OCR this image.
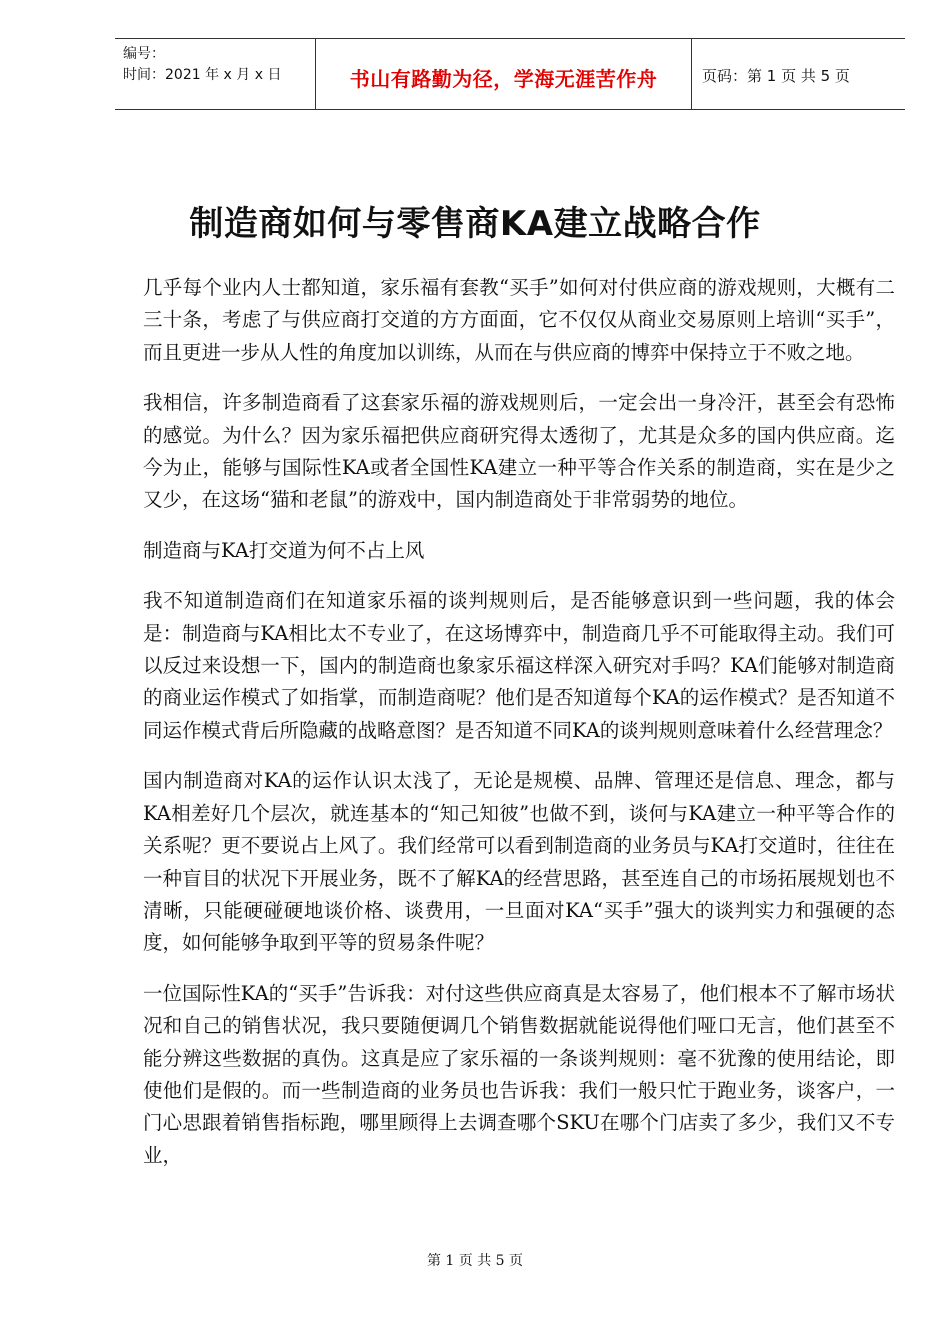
编号：
时间：2021 年 x 月 x 日	书山有路勤为径，学海无涯苦作舟	页码：第 1 页 共 5 页
制造商如何与零售商KA建立战略合作

几乎每个业内人士都知道，家乐福有套教“买手”如何对付供应商的游戏规则，大概有二三十条，考虑了与供应商打交道的方方面面，它不仅仅从商业交易原则上培训“买手”，而且更进一步从人性的角度加以训练，从而在与供应商的博弈中保持立于不败之地。

我相信，许多制造商看了这套家乐福的游戏规则后，一定会出一身冷汗，甚至会有恐怖的感觉。为什么？因为家乐福把供应商研究得太透彻了，尤其是众多的国内供应商。迄今为止，能够与国际性KA或者全国性KA建立一种平等合作关系的制造商，实在是少之又少，在这场“猫和老鼠”的游戏中，国内制造商处于非常弱势的地位。

制造商与KA打交道为何不占上风

我不知道制造商们在知道家乐福的谈判规则后，是否能够意识到一些问题，我的体会是：制造商与KA相比太不专业了，在这场博弈中，制造商几乎不可能取得主动。我们可以反过来设想一下，国内的制造商也象家乐福这样深入研究对手吗？KA们能够对制造商的商业运作模式了如指掌，而制造商呢？他们是否知道每个KA的运作模式？是否知道不同运作模式背后所隐藏的战略意图？是否知道不同KA的谈判规则意味着什么经营理念？

国内制造商对KA的运作认识太浅了，无论是规模、品牌、管理还是信息、理念，都与KA相差好几个层次，就连基本的“知己知彼”也做不到，谈何与KA建立一种平等合作的关系呢？更不要说占上风了。我们经常可以看到制造商的业务员与KA打交道时，往往在一种盲目的状况下开展业务，既不了解KA的经营思路，甚至连自己的市场拓展规划也不清晰，只能硬碰硬地谈价格、谈费用，一旦面对KA“买手”强大的谈判实力和强硬的态度，如何能够争取到平等的贸易条件呢？

一位国际性KA的“买手”告诉我：对付这些供应商真是太容易了，他们根本不了解市场状况和自己的销售状况，我只要随便调几个销售数据就能说得他们哑口无言，他们甚至不能分辨这些数据的真伪。这真是应了家乐福的一条谈判规则：毫不犹豫的使用结论，即使他们是假的。而一些制造商的业务员也告诉我：我们一般只忙于跑业务，谈客户，一门心思跟着销售指标跑，哪里顾得上去调查哪个SKU在哪个门店卖了多少，我们又不专业，

第 1 页 共 5 页
